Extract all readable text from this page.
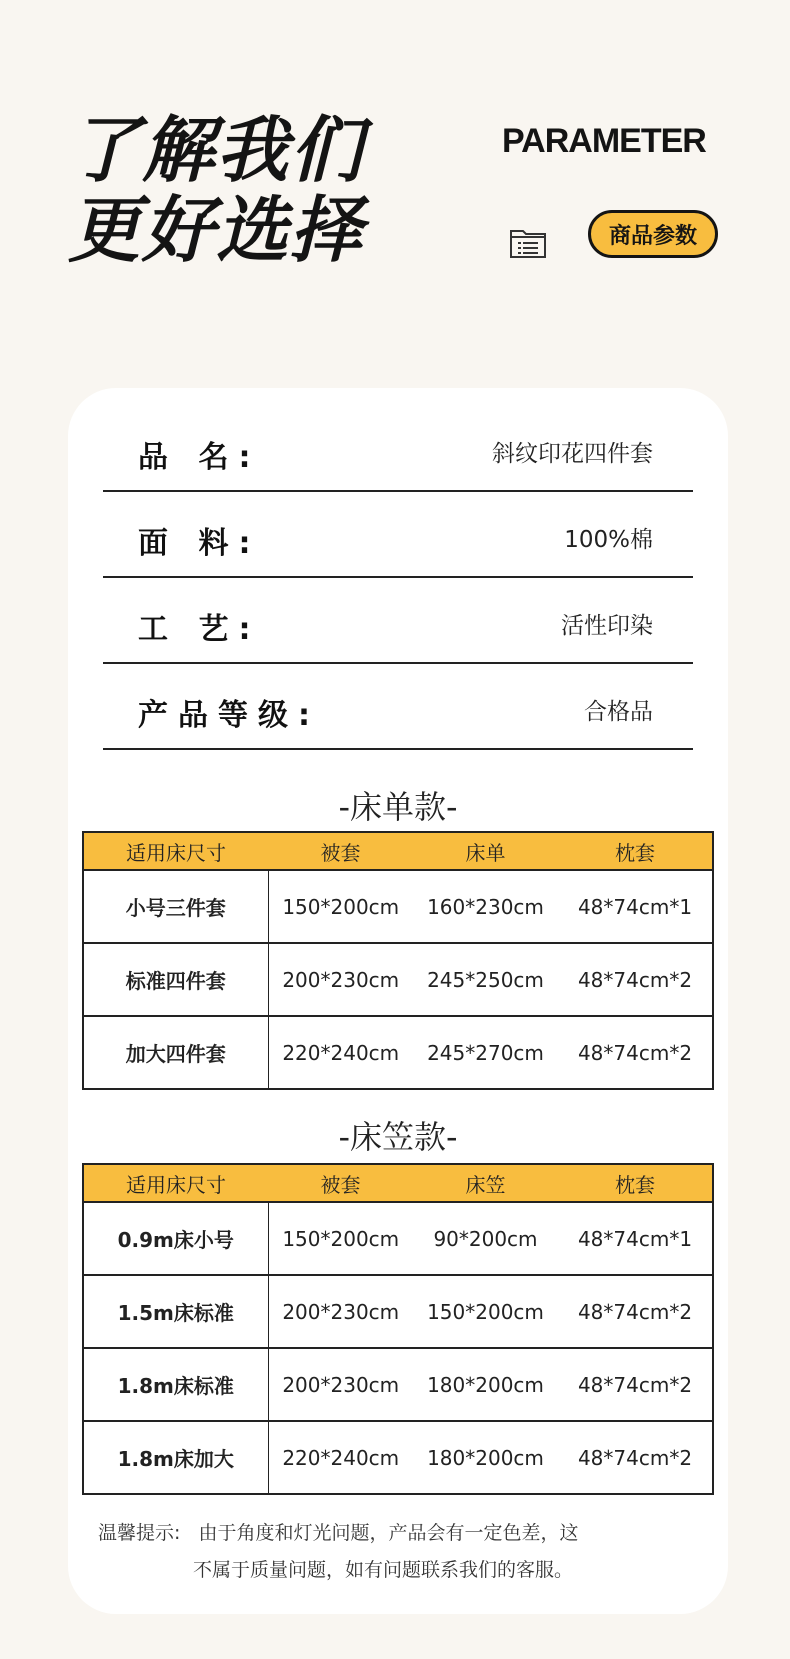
了解我们
更好选择
PARAMETER
商品参数
品 名:	斜纹印花四件套
面 料:	100%棉
工 艺:	活性印染
产品等级:	合格品
-床单款-
适用床尺寸	被套	床单	枕套
小号三件套	150*200cm	160*230cm	48*74cm*1
标准四件套	200*230cm	245*250cm	48*74cm*2
加大四件套	220*240cm	245*270cm	48*74cm*2
-床笠款-
适用床尺寸	被套	床笠	枕套
0.9m床小号	150*200cm	90*200cm	48*74cm*1
1.5m床标准	200*230cm	150*200cm	48*74cm*2
1.8m床标准	200*230cm	180*200cm	48*74cm*2
1.8m床加大	220*240cm	180*200cm	48*74cm*2
温馨提示:   由于角度和灯光问题，产品会有一定色差，这
不属于质量问题，如有问题联系我们的客服。
